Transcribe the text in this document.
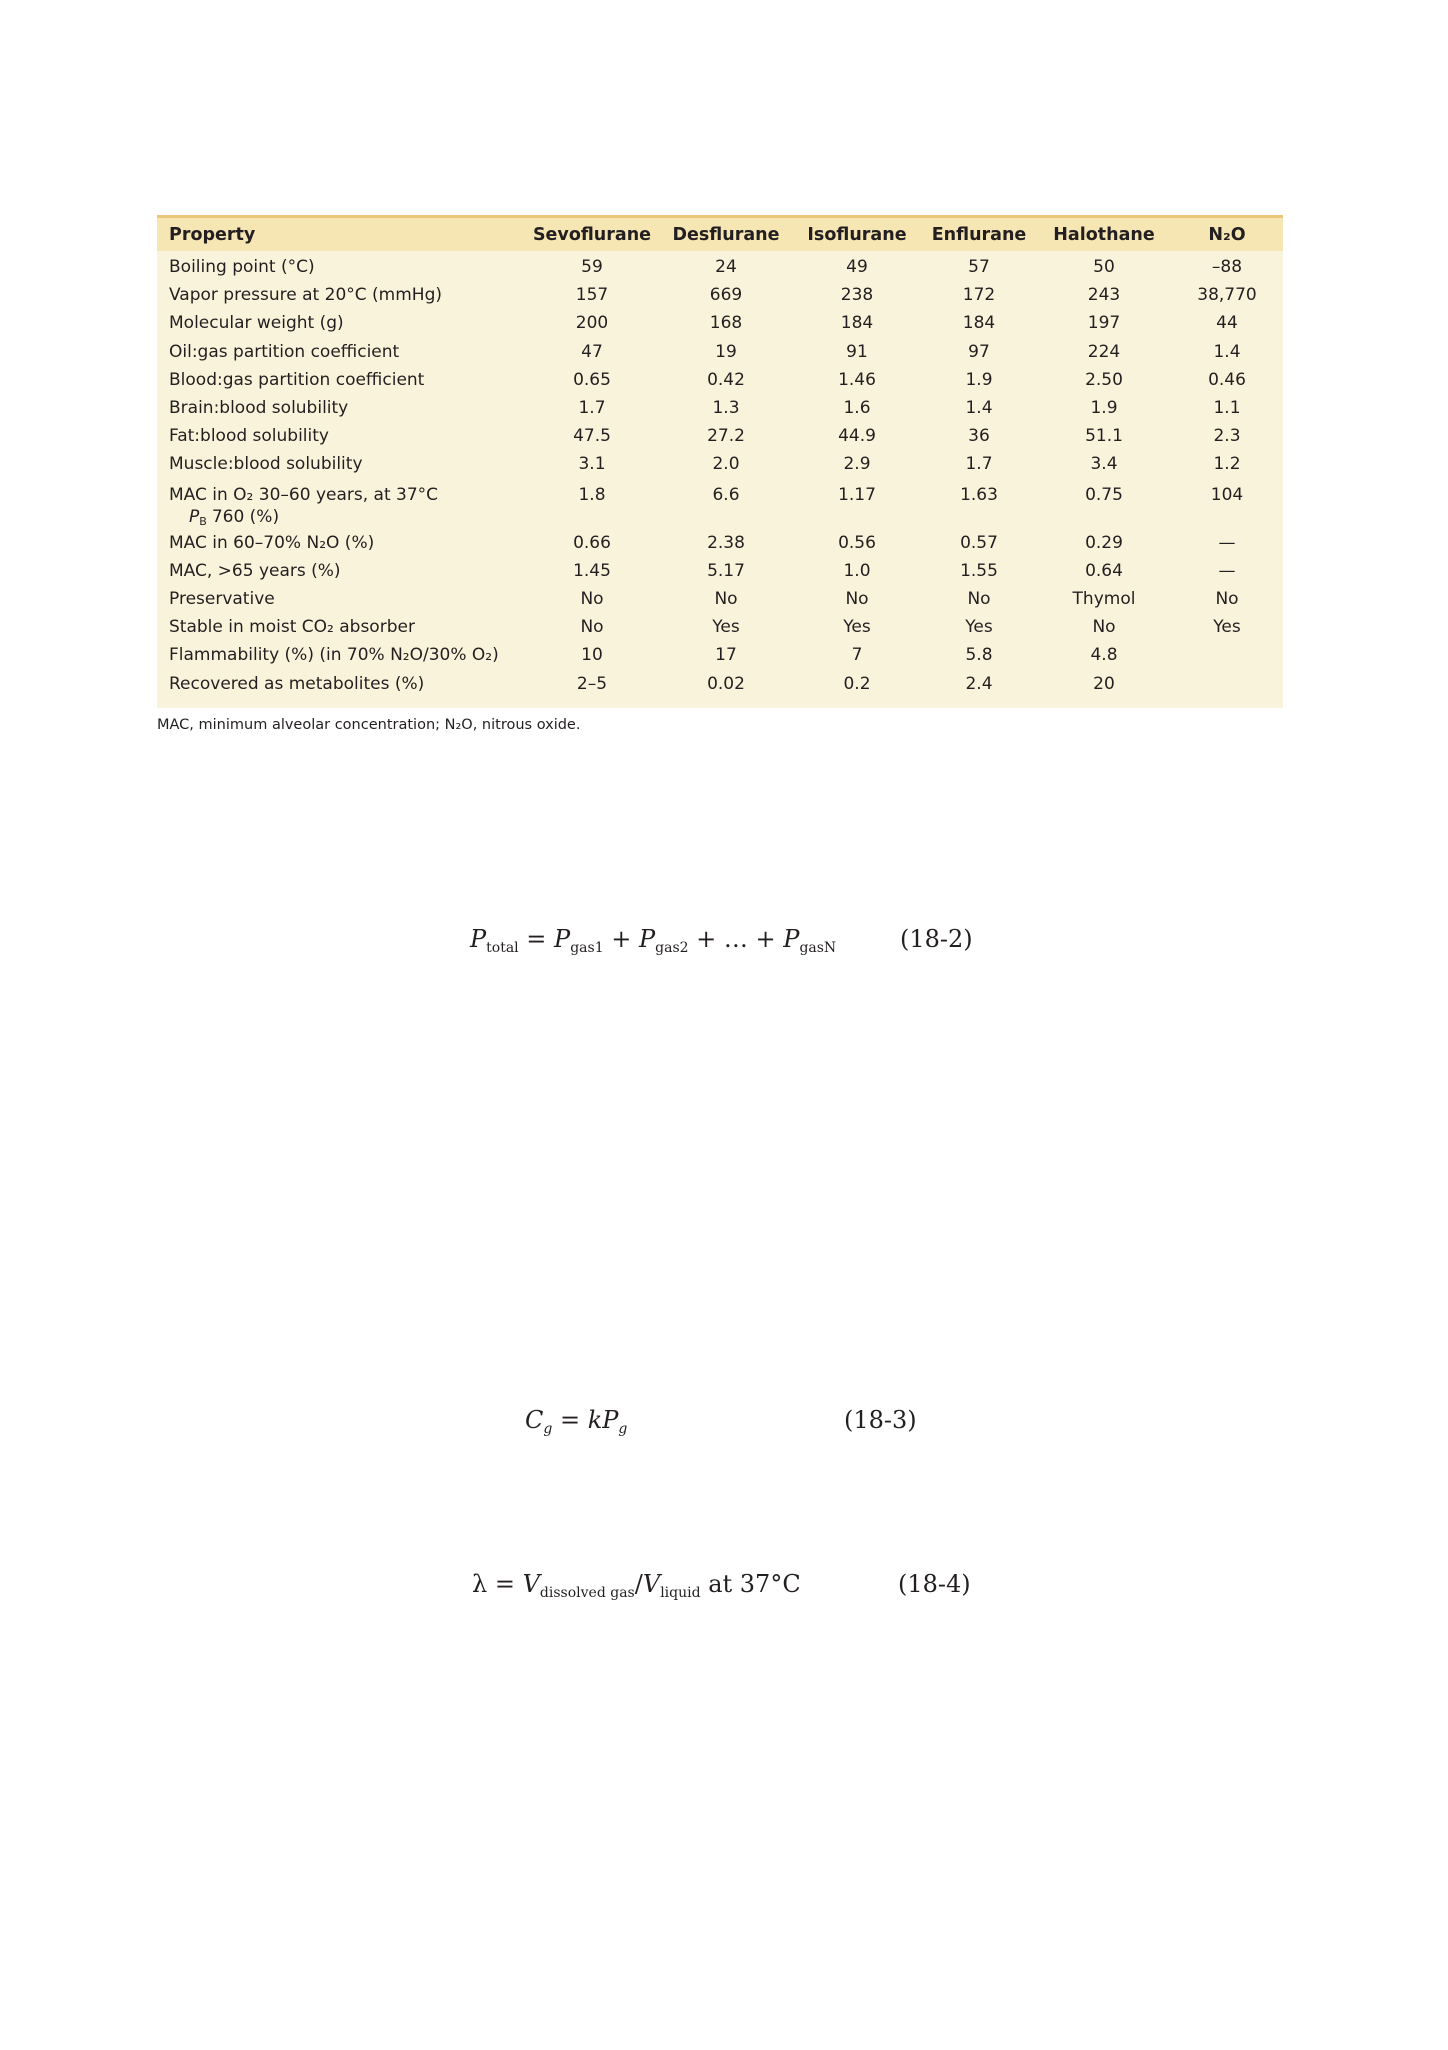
Property	Sevoflurane	Desflurane	Isoflurane	Enflurane	Halothane	N₂O
Boiling point (°C)	59	24	49	57	50	–88
Vapor pressure at 20°C (mmHg)	157	669	238	172	243	38,770
Molecular weight (g)	200	168	184	184	197	44
Oil:gas partition coefficient	47	19	91	97	224	1.4
Blood:gas partition coefficient	0.65	0.42	1.46	1.9	2.50	0.46
Brain:blood solubility	1.7	1.3	1.6	1.4	1.9	1.1
Fat:blood solubility	47.5	27.2	44.9	36	51.1	2.3
Muscle:blood solubility	3.1	2.0	2.9	1.7	3.4	1.2
MAC in O₂ 30–60 years, at 37°C
PB 760 (%)	1.8	6.6	1.17	1.63	0.75	104
MAC in 60–70% N₂O (%)	0.66	2.38	0.56	0.57	0.29	—
MAC, >65 years (%)	1.45	5.17	1.0	1.55	0.64	—
Preservative	No	No	No	No	Thymol	No
Stable in moist CO₂ absorber	No	Yes	Yes	Yes	No	Yes
Flammability (%) (in 70% N₂O/30% O₂)	10	17	7	5.8	4.8	
Recovered as metabolites (%)	2–5	0.02	0.2	2.4	20	
MAC, minimum alveolar concentration; N₂O, nitrous oxide.
$P_{total} = P_{gas1} + P_{gas2}$ + … + $P_{gasN}$	(18-2)
$C_g = kP_g$	(18-3)
$\lambda = V_{dissolved gas}/V_{liquid}$ at 37°C	(18-4)
